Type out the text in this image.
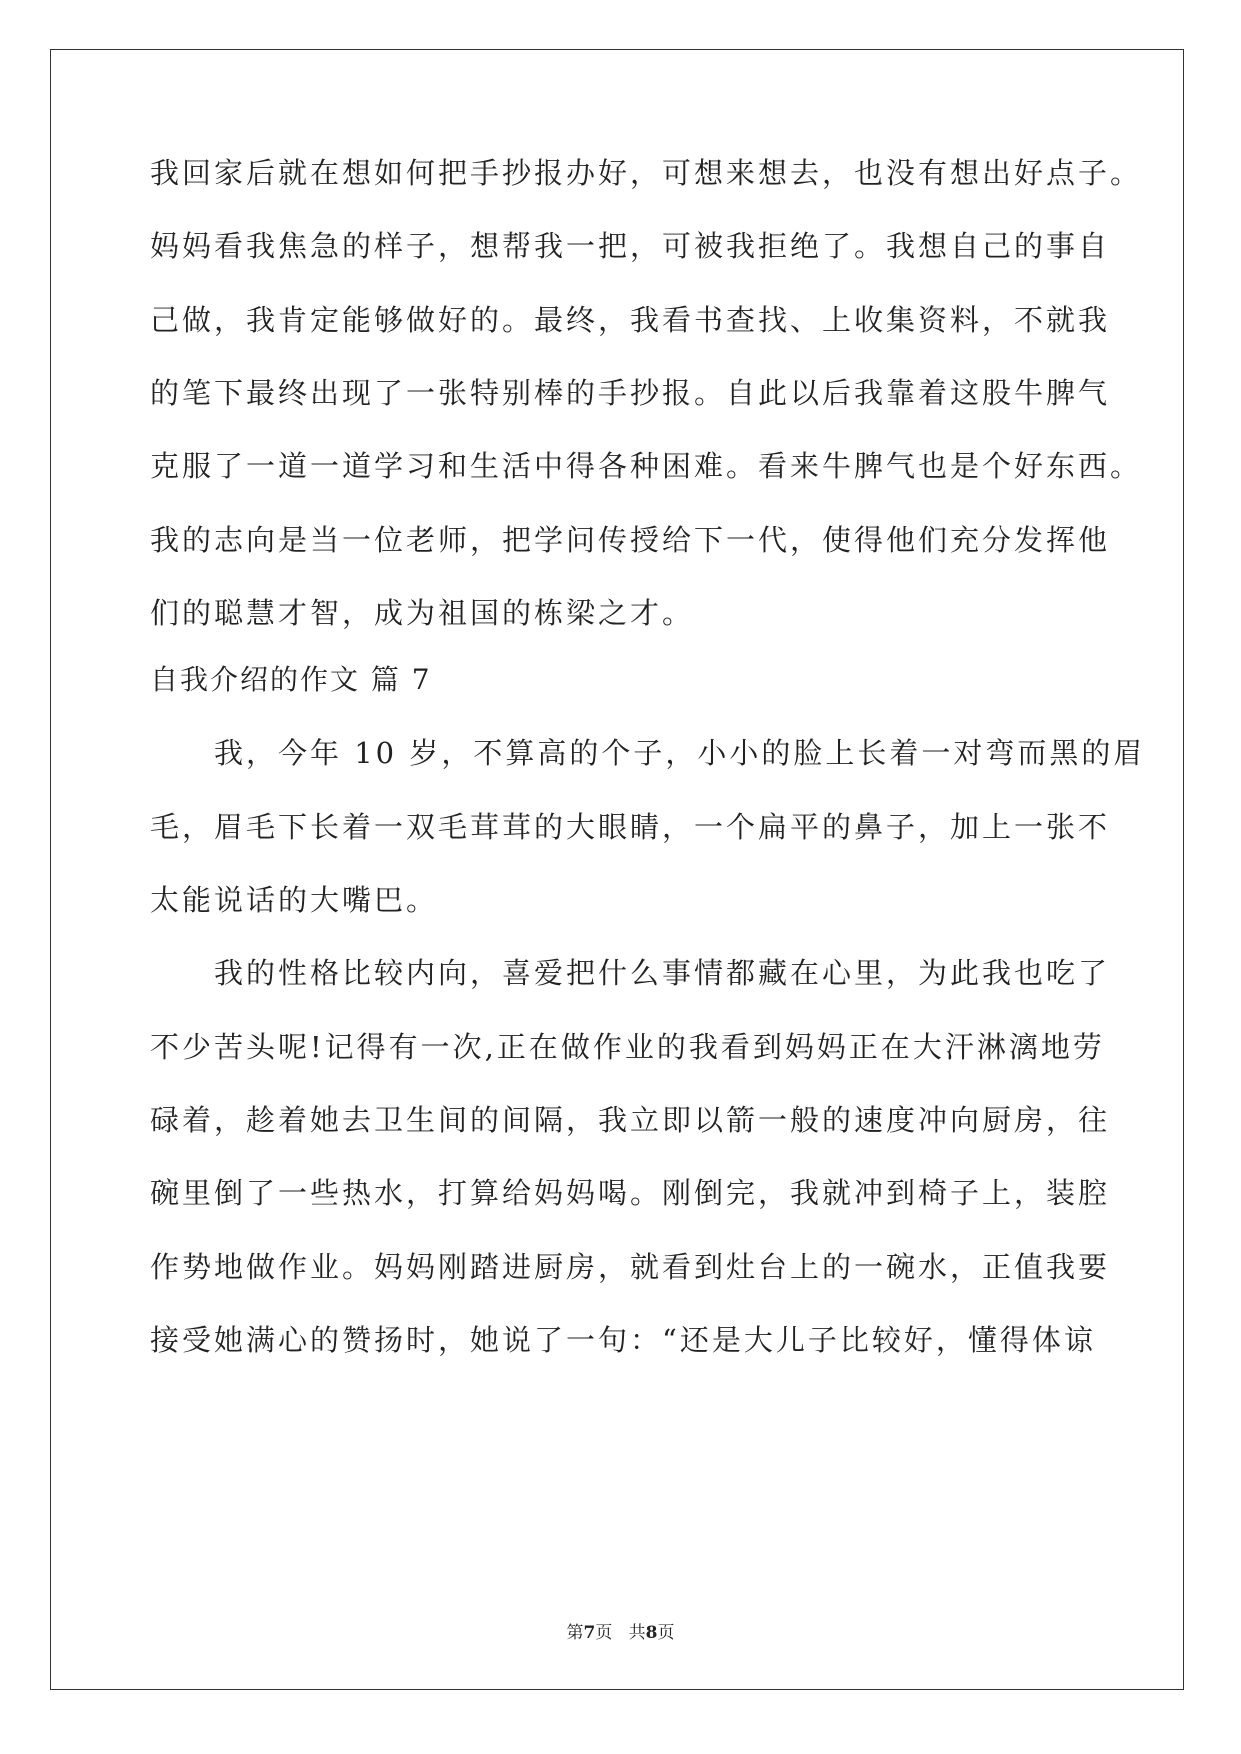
我回家后就在想如何把手抄报办好，可想来想去，也没有想出好点子。
妈妈看我焦急的样子，想帮我一把，可被我拒绝了。我想自己的事自
己做，我肯定能够做好的。最终，我看书查找、上收集资料，不就我
的笔下最终出现了一张特别棒的手抄报。自此以后我靠着这股牛脾气
克服了一道一道学习和生活中得各种困难。看来牛脾气也是个好东西。
我的志向是当一位老师，把学问传授给下一代，使得他们充分发挥他
们的聪慧才智，成为祖国的栋梁之才。
自我介绍的作文 篇 7
我，今年 10 岁，不算高的个子，小小的脸上长着一对弯而黑的眉
毛，眉毛下长着一双毛茸茸的大眼睛，一个扁平的鼻子，加上一张不
太能说话的大嘴巴。
我的性格比较内向，喜爱把什么事情都藏在心里，为此我也吃了
不少苦头呢!记得有一次,正在做作业的我看到妈妈正在大汗淋漓地劳
碌着，趁着她去卫生间的间隔，我立即以箭一般的速度冲向厨房，往
碗里倒了一些热水，打算给妈妈喝。刚倒完，我就冲到椅子上，装腔
作势地做作业。妈妈刚踏进厨房，就看到灶台上的一碗水，正值我要
接受她满心的赞扬时，她说了一句：“还是大儿子比较好，懂得体谅
第7页 共8页
